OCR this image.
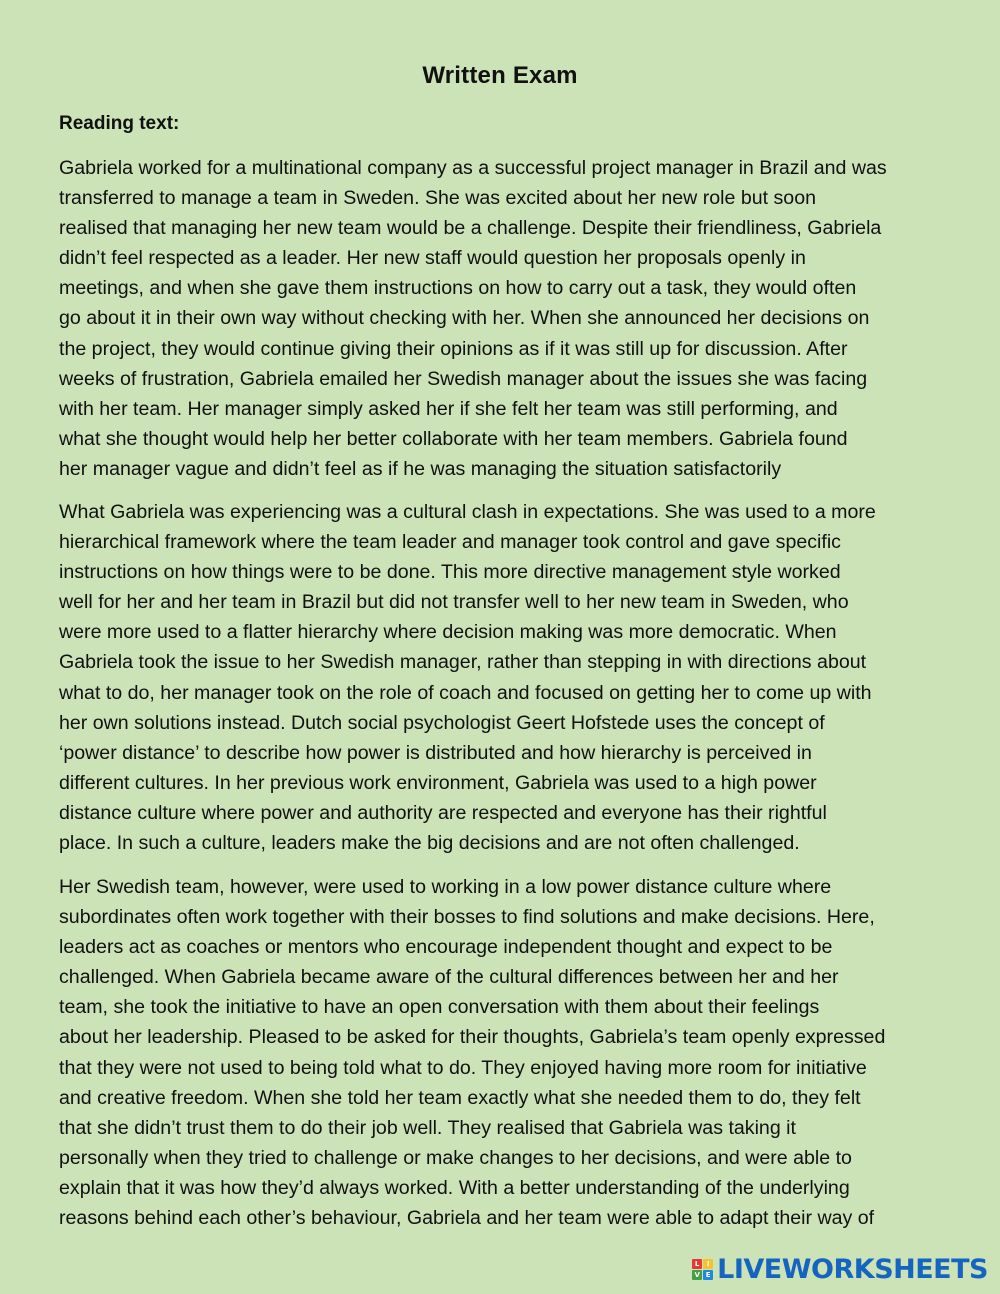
Written Exam
Reading text:

Gabriela worked for a multinational company as a successful project manager in Brazil and was
transferred to manage a team in Sweden. She was excited about her new role but soon
realised that managing her new team would be a challenge. Despite their friendliness, Gabriela
didn’t feel respected as a leader. Her new staff would question her proposals openly in
meetings, and when she gave them instructions on how to carry out a task, they would often
go about it in their own way without checking with her. When she announced her decisions on
the project, they would continue giving their opinions as if it was still up for discussion. After
weeks of frustration, Gabriela emailed her Swedish manager about the issues she was facing
with her team. Her manager simply asked her if she felt her team was still performing, and
what she thought would help her better collaborate with her team members. Gabriela found
her manager vague and didn’t feel as if he was managing the situation satisfactorily

What Gabriela was experiencing was a cultural clash in expectations. She was used to a more
hierarchical framework where the team leader and manager took control and gave specific
instructions on how things were to be done. This more directive management style worked
well for her and her team in Brazil but did not transfer well to her new team in Sweden, who
were more used to a flatter hierarchy where decision making was more democratic. When
Gabriela took the issue to her Swedish manager, rather than stepping in with directions about
what to do, her manager took on the role of coach and focused on getting her to come up with
her own solutions instead. Dutch social psychologist Geert Hofstede uses the concept of
‘power distance’ to describe how power is distributed and how hierarchy is perceived in
different cultures. In her previous work environment, Gabriela was used to a high power
distance culture where power and authority are respected and everyone has their rightful
place. In such a culture, leaders make the big decisions and are not often challenged.

Her Swedish team, however, were used to working in a low power distance culture where
subordinates often work together with their bosses to find solutions and make decisions. Here,
leaders act as coaches or mentors who encourage independent thought and expect to be
challenged. When Gabriela became aware of the cultural differences between her and her
team, she took the initiative to have an open conversation with them about their feelings
about her leadership. Pleased to be asked for their thoughts, Gabriela’s team openly expressed
that they were not used to being told what to do. They enjoyed having more room for initiative
and creative freedom. When she told her team exactly what she needed them to do, they felt
that she didn’t trust them to do their job well. They realised that Gabriela was taking it
personally when they tried to challenge or make changes to her decisions, and were able to
explain that it was how they’d always worked. With a better understanding of the underlying
reasons behind each other’s behaviour, Gabriela and her team were able to adapt their way of

L	I
V E LIVEWORKSHEETS
